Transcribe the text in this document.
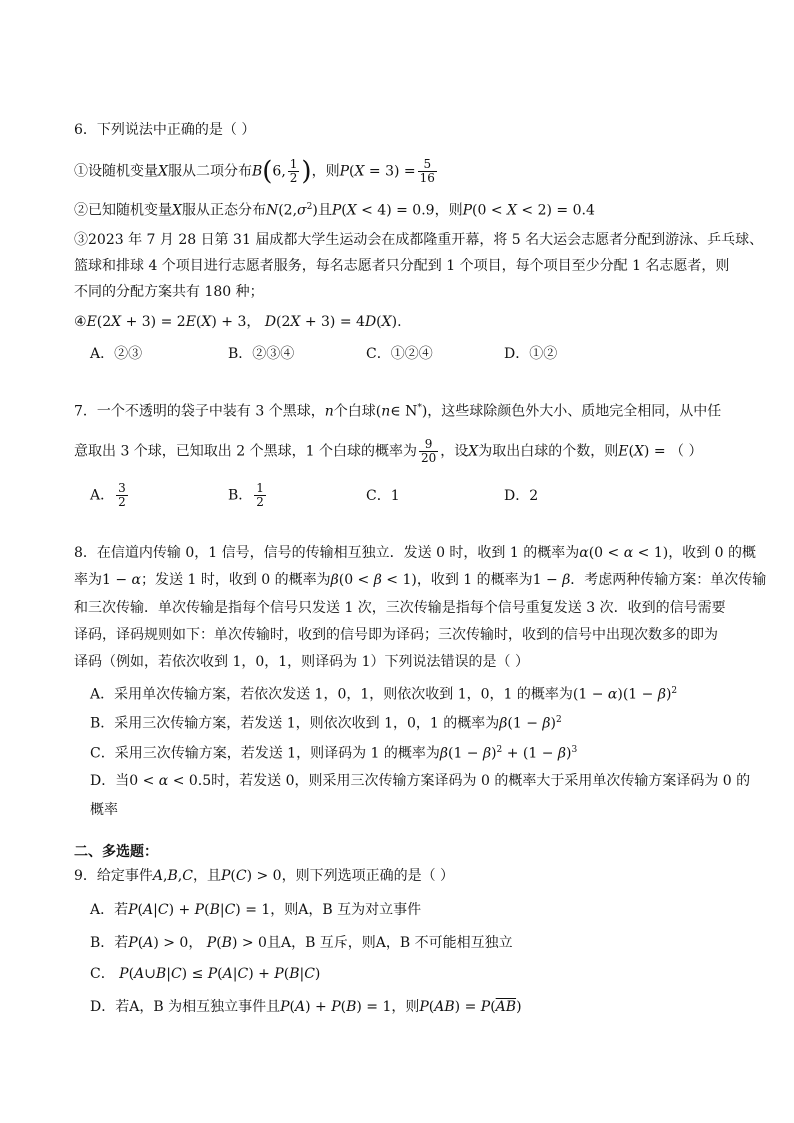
6．下列说法中正确的是（ ）
①设随机变量X服从二项分布B(6, $\frac{1}{2}$ )，则$P(X = 3) = \frac{5}{16}$
②已知随机变量X服从正态分布$N(2,\sigma^2)$且P(X < 4) = 0.9，则P(0 < X < 2) = 0.4
③2023 年 7 月 28 日第 31 届成都大学生运动会在成都隆重开幕，将 5 名大运会志愿者分配到游泳、乒乓球、
篮球和排球 4 个项目进行志愿者服务，每名志愿者只分配到 1 个项目，每个项目至少分配 1 名志愿者，则
不同的分配方案共有 180 种；
④E(2X + 3) = 2E(X) + 3， D(2X + 3) = 4D(X).
A．②③	B．②③④	C．①②④	D．①②
7．一个不透明的袋子中装有 3 个黑球，n个白球(n∈ N*)，这些球除颜色外大小、质地完全相同，从中任
意取出 3 个球，已知取出 2 个黑球，1 个白球的概率为 $\frac{9}{20}$ ，设X为取出白球的个数，则E(X) = （ ）
A． $\frac{3}{2}$	B． $\frac{1}{2}$	C．1	D．2
8．在信道内传输 0，1 信号，信号的传输相互独立．发送 0 时，收到 1 的概率为α(0 < α < 1)，收到 0 的概
率为1 − α；发送 1 时，收到 0 的概率为β(0 < β < 1)，收到 1 的概率为1 − β．考虑两种传输方案：单次传输
和三次传输．单次传输是指每个信号只发送 1 次，三次传输是指每个信号重复发送 3 次．收到的信号需要
译码，译码规则如下：单次传输时，收到的信号即为译码；三次传输时，收到的信号中出现次数多的即为
译码（例如，若依次收到 1，0，1，则译码为 1）下列说法错误的是（ ）
A．采用单次传输方案，若依次发送 1，0，1，则依次收到 1，0，1 的概率为$(1 - \alpha)(1 - \beta)^2$
B．采用三次传输方案，若发送 1，则依次收到 1，0，1 的概率为$\beta(1 - \beta)^2$
C．采用三次传输方案，若发送 1，则译码为 1 的概率为$\beta(1 - \beta)^2 + (1 - \beta)^3$
D．当0 < α < 0.5时，若发送 0，则采用三次传输方案译码为 0 的概率大于采用单次传输方案译码为 0 的
概率
二、多选题：
9．给定事件A,B,C，且P(C) > 0，则下列选项正确的是（ ）
A．若P(A|C) + P(B|C) = 1，则A，B 互为对立事件
B．若P(A) > 0， P(B) > 0且A，B 互斥，则A，B 不可能相互独立
C． P(A∪B|C) ≤ P(A|C) + P(B|C)
D．若A，B 为相互独立事件且P(A) + P(B) = 1，则$P(AB) = P(\overline{AB})$
